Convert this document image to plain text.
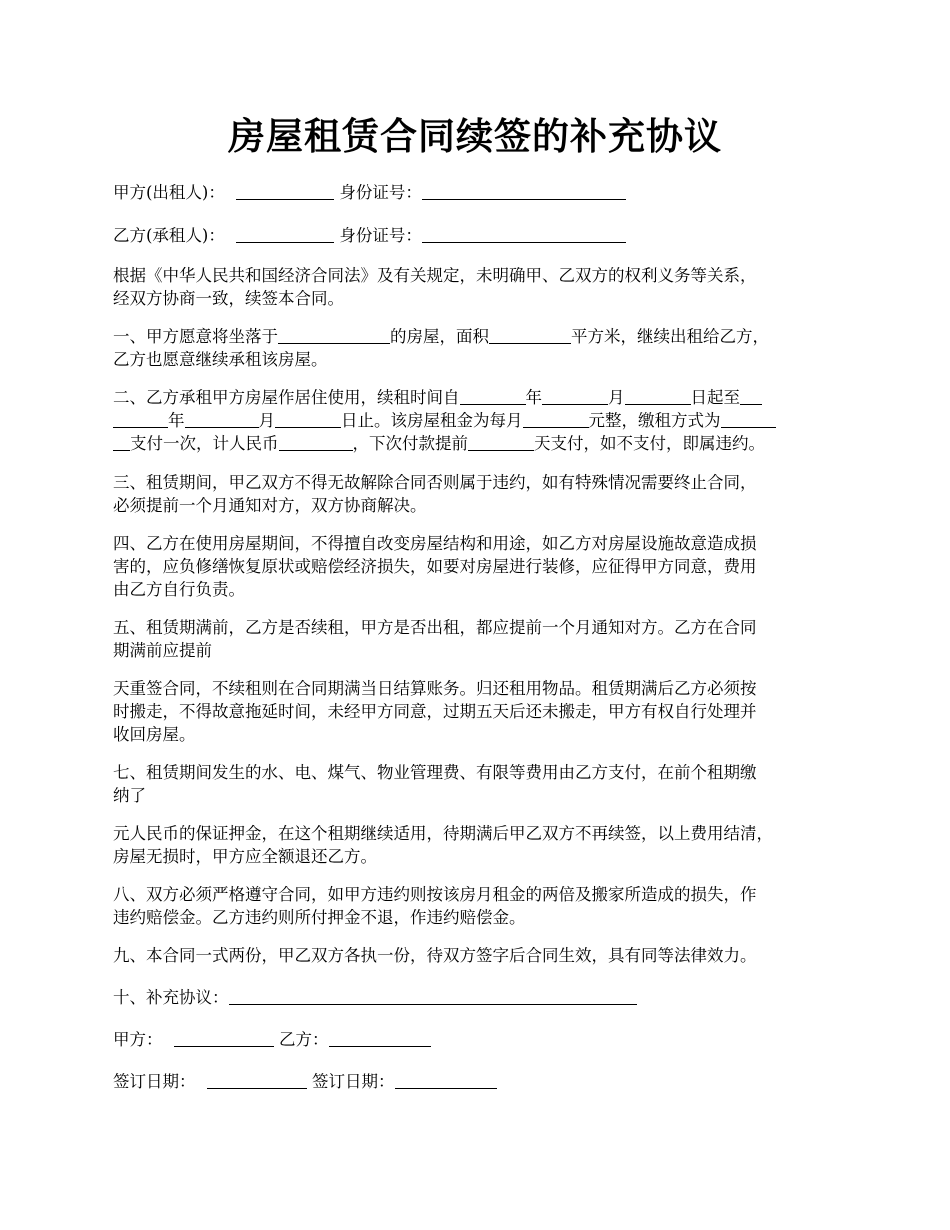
房屋租赁合同续签的补充协议
甲方(出租人)：	身份证号：
乙方(承租人)：	身份证号：
根据《中华人民共和国经济合同法》及有关规定，未明确甲、乙双方的权利义务等关系，
经双方协商一致，续签本合同。
一、甲方愿意将坐落于	的房屋，面积	平方米，继续出租给乙方，
乙方也愿意继续承租该房屋。
二、乙方承租甲方房屋作居住使用，续租时间自	年	月	日起至
年	月	日止。该房屋租金为每月	元整，缴租方式为
支付一次，计人民币	，下次付款提前	天支付，如不支付，即属违约。
三、租赁期间，甲乙双方不得无故解除合同否则属于违约，如有特殊情况需要终止合同，
必须提前一个月通知对方，双方协商解决。
四、乙方在使用房屋期间，不得擅自改变房屋结构和用途，如乙方对房屋设施故意造成损
害的，应负修缮恢复原状或赔偿经济损失，如要对房屋进行装修，应征得甲方同意，费用
由乙方自行负责。
五、租赁期满前，乙方是否续租，甲方是否出租，都应提前一个月通知对方。乙方在合同
期满前应提前
天重签合同，不续租则在合同期满当日结算账务。归还租用物品。租赁期满后乙方必须按
时搬走，不得故意拖延时间，未经甲方同意，过期五天后还未搬走，甲方有权自行处理并
收回房屋。
七、租赁期间发生的水、电、煤气、物业管理费、有限等费用由乙方支付，在前个租期缴
纳了
元人民币的保证押金，在这个租期继续适用，待期满后甲乙双方不再续签，以上费用结清，
房屋无损时，甲方应全额退还乙方。
八、双方必须严格遵守合同，如甲方违约则按该房月租金的两倍及搬家所造成的损失，作
违约赔偿金。乙方违约则所付押金不退，作违约赔偿金。
九、本合同一式两份，甲乙双方各执一份，待双方签字后合同生效，具有同等法律效力。
十、补充协议：
甲方：	乙方：
签订日期：	签订日期：
